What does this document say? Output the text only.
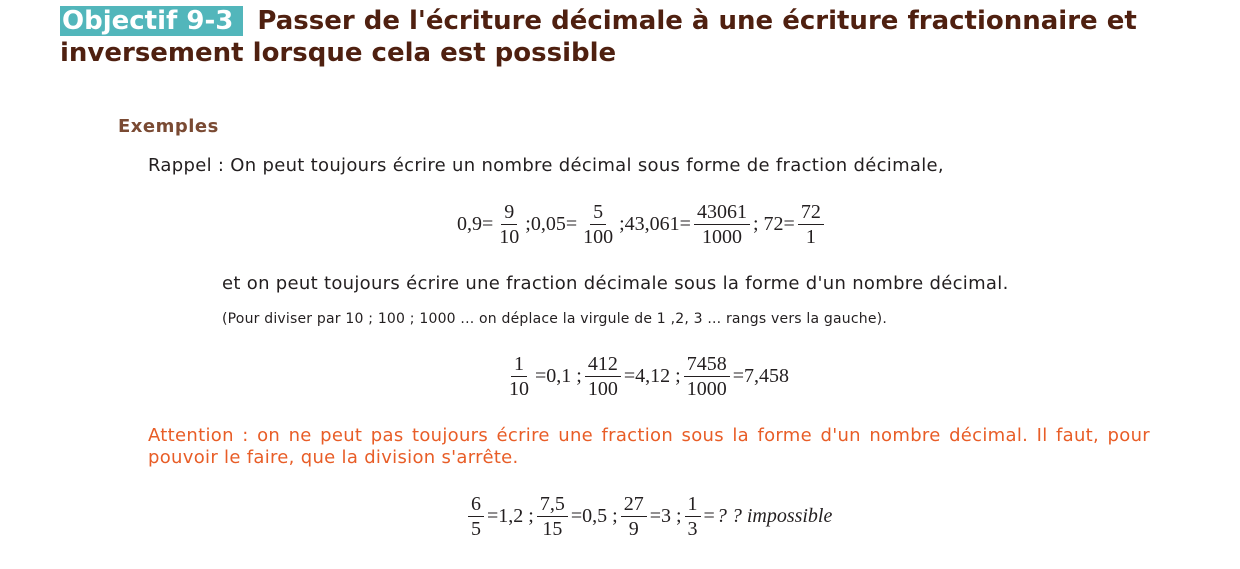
Objectif 9-3 Passer de l'écriture décimale à une écriture fractionnaire et inversement lorsque cela est possible
Exemples
Rappel : On peut toujours écrire un nombre décimal sous forme de fraction décimale,
$0,9= \frac{9}{10}$ ;0,05= $\frac{5}{100}$ ;43,061= $\frac{43061}{1000}$ ; $72= \frac{72}{1}$
et on peut toujours écrire une fraction décimale sous la forme d'un nombre décimal.
(Pour diviser par 10 ; 100 ; 1000 ... on déplace la virgule de 1 ,2, 3 ... rangs vers la gauche).
$\frac{1}{10} =0,1$ ; $\frac{412}{100} =4,12$ ; $\frac{7458}{1000} =7,458$
Attention : on ne peut pas toujours écrire une fraction sous la forme d'un nombre décimal. Il faut, pour pouvoir le faire, que la division s'arrête.
$\frac{6}{5} =1,2$ ; $\frac{7,5}{15} =0,5$ ; $\frac{27}{9} =3$ ; $\frac{1}{3}$ = ? ? impossible
